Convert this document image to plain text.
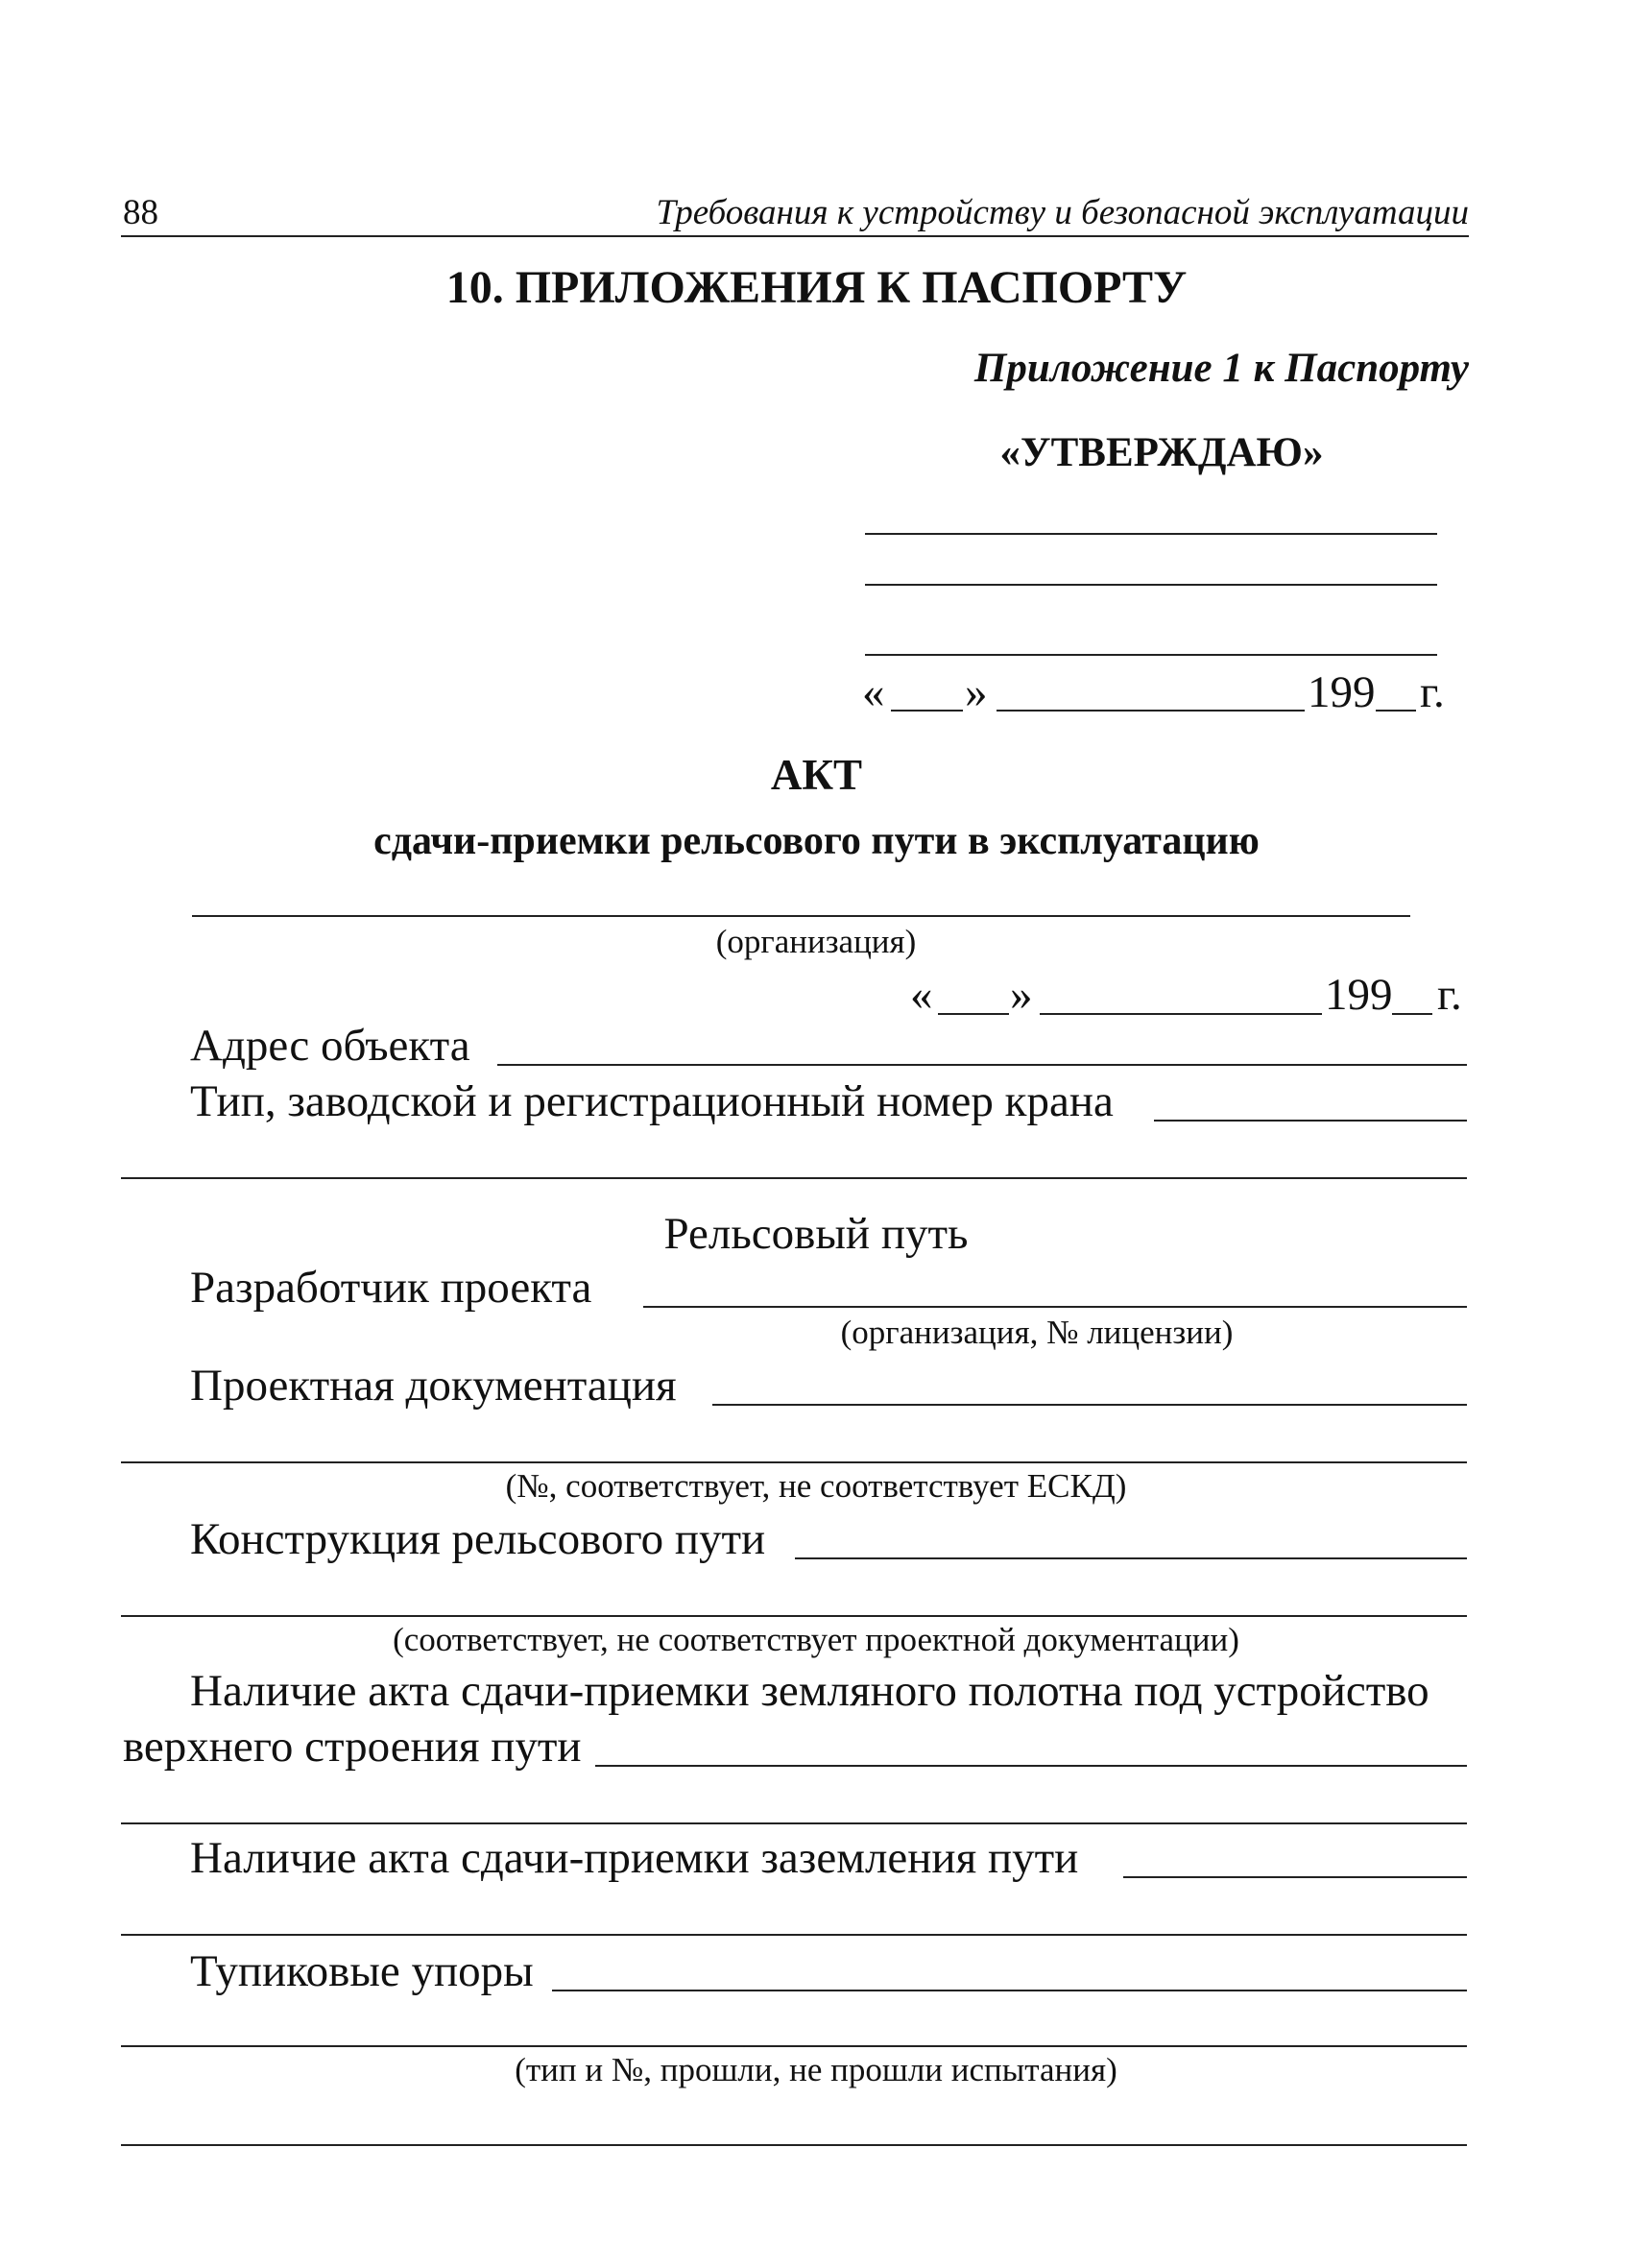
88	Требования к устройству и безопасной эксплуатации
10. ПРИЛОЖЕНИЯ К ПАСПОРТУ
Приложение 1 к Паспорту
«УТВЕРЖДАЮ»
« »	199 г.
АКТ
сдачи-приемки рельсового пути в эксплуатацию
(организация)
« »	199 г.
Адрес объекта
Тип, заводской и регистрационный номер крана
Рельсовый путь
Разработчик проекта
(организация, № лицензии)
Проектная документация
(№, соответствует, не соответствует ЕСКД)
Конструкция рельсового пути
(соответствует, не соответствует проектной документации)
Наличие акта сдачи-приемки земляного полотна под устройство
верхнего строения пути
Наличие акта сдачи-приемки заземления пути
Тупиковые упоры
(тип и №, прошли, не прошли испытания)
